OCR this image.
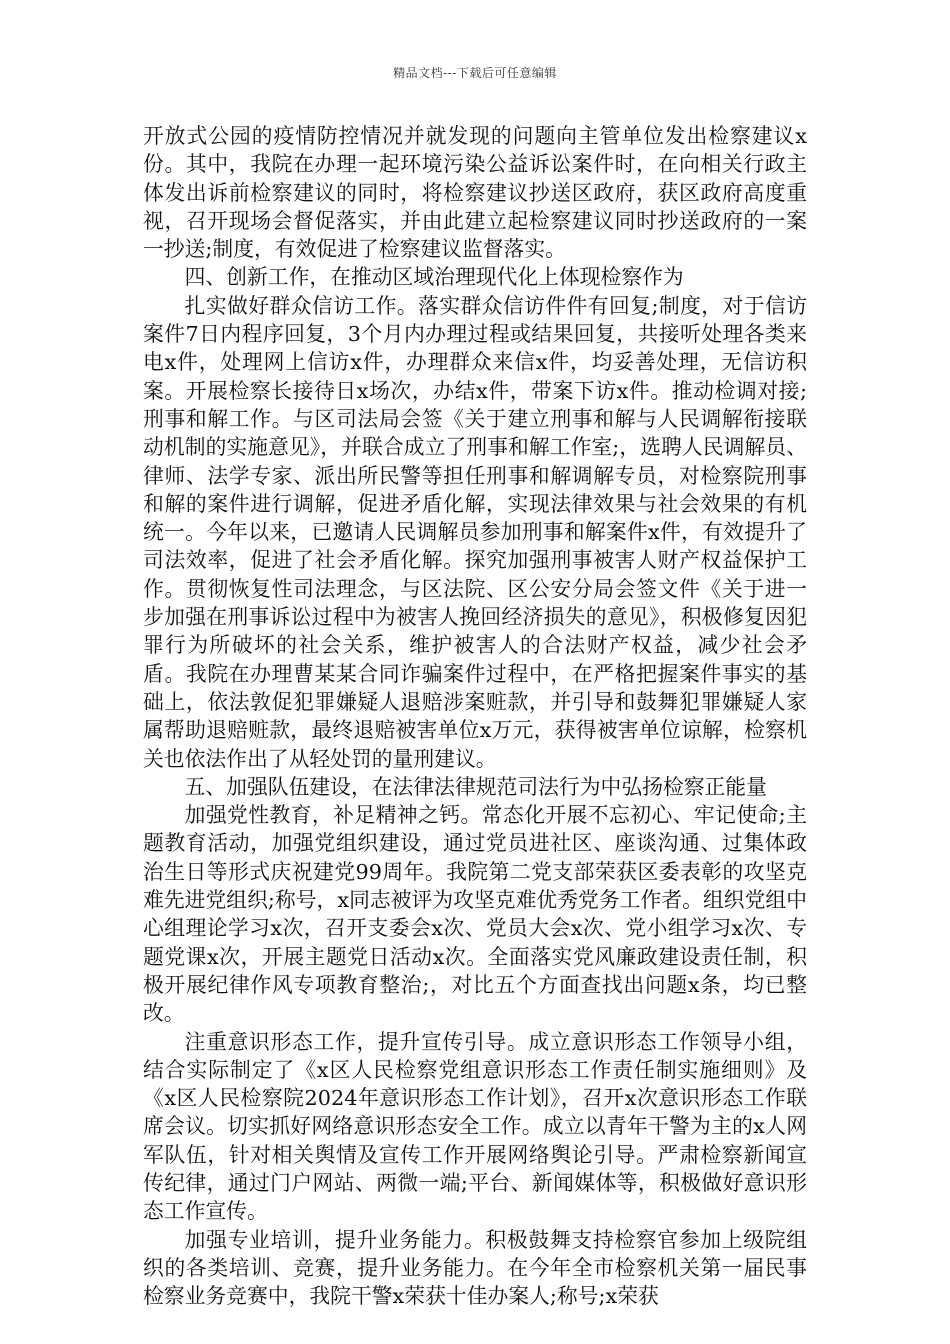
精品文档---下载后可任意编辑

开放式公园的疫情防控情况并就发现的问题向主管单位发出检察建议x份。其中，我院在办理一起环境污染公益诉讼案件时，在向相关行政主体发出诉前检察建议的同时，将检察建议抄送区政府，获区政府高度重视，召开现场会督促落实，并由此建立起检察建议同时抄送政府的一案一抄送;制度，有效促进了检察建议监督落实。

四、创新工作，在推动区域治理现代化上体现检察作为

扎实做好群众信访工作。落实群众信访件件有回复;制度，对于信访案件7日内程序回复，3个月内办理过程或结果回复，共接听处理各类来电x件，处理网上信访x件，办理群众来信x件，均妥善处理，无信访积案。开展检察长接待日x场次，办结x件，带案下访x件。推动检调对接;刑事和解工作。与区司法局会签《关于建立刑事和解与人民调解衔接联动机制的实施意见》，并联合成立了刑事和解工作室;，选聘人民调解员、律师、法学专家、派出所民警等担任刑事和解调解专员，对检察院刑事和解的案件进行调解，促进矛盾化解，实现法律效果与社会效果的有机统一。今年以来，已邀请人民调解员参加刑事和解案件x件，有效提升了司法效率，促进了社会矛盾化解。探究加强刑事被害人财产权益保护工作。贯彻恢复性司法理念，与区法院、区公安分局会签文件《关于进一步加强在刑事诉讼过程中为被害人挽回经济损失的意见》，积极修复因犯罪行为所破坏的社会关系，维护被害人的合法财产权益，减少社会矛盾。我院在办理曹某某合同诈骗案件过程中，在严格把握案件事实的基础上，依法敦促犯罪嫌疑人退赔涉案赃款，并引导和鼓舞犯罪嫌疑人家属帮助退赔赃款，最终退赔被害单位x万元，获得被害单位谅解，检察机关也依法作出了从轻处罚的量刑建议。

五、加强队伍建设，在法律法律规范司法行为中弘扬检察正能量

加强党性教育，补足精神之钙。常态化开展不忘初心、牢记使命;主题教育活动，加强党组织建设，通过党员进社区、座谈沟通、过集体政治生日等形式庆祝建党99周年。我院第二党支部荣获区委表彰的攻坚克难先进党组织;称号，x同志被评为攻坚克难优秀党务工作者。组织党组中心组理论学习x次，召开支委会x次、党员大会x次、党小组学习x次、专题党课x次，开展主题党日活动x次。全面落实党风廉政建设责任制，积极开展纪律作风专项教育整治;，对比五个方面查找出问题x条，均已整改。

注重意识形态工作，提升宣传引导。成立意识形态工作领导小组，结合实际制定了《x区人民检察党组意识形态工作责任制实施细则》及《x区人民检察院2024年意识形态工作计划》，召开x次意识形态工作联席会议。切实抓好网络意识形态安全工作。成立以青年干警为主的x人网军队伍，针对相关舆情及宣传工作开展网络舆论引导。严肃检察新闻宣传纪律，通过门户网站、两微一端;平台、新闻媒体等，积极做好意识形态工作宣传。

加强专业培训，提升业务能力。积极鼓舞支持检察官参加上级院组织的各类培训、竞赛，提升业务能力。在今年全市检察机关第一届民事检察业务竞赛中，我院干警x荣获十佳办案人;称号;x荣获
